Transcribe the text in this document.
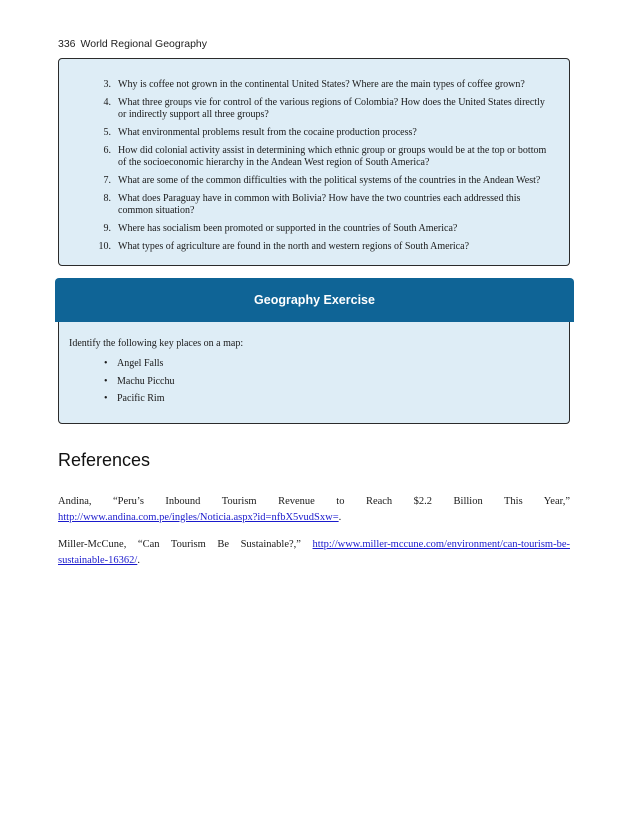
336 World Regional Geography
3. Why is coffee not grown in the continental United States? Where are the main types of coffee grown?
4. What three groups vie for control of the various regions of Colombia? How does the United States directly or indirectly support all three groups?
5. What environmental problems result from the cocaine production process?
6. How did colonial activity assist in determining which ethnic group or groups would be at the top or bottom of the socioeconomic hierarchy in the Andean West region of South America?
7. What are some of the common difficulties with the political systems of the countries in the Andean West?
8. What does Paraguay have in common with Bolivia? How have the two countries each addressed this common situation?
9. Where has socialism been promoted or supported in the countries of South America?
10. What types of agriculture are found in the north and western regions of South America?
Geography Exercise
Identify the following key places on a map:
• Angel Falls
• Machu Picchu
• Pacific Rim
References
Andina, “Peru’s Inbound Tourism Revenue to Reach $2.2 Billion This Year,” http://www.andina.com.pe/ingles/Noticia.aspx?id=nfbX5vudSxw=.
Miller-McCune, “Can Tourism Be Sustainable?,” http://www.miller-mccune.com/environment/can-tourism-be-sustainable-16362/.
